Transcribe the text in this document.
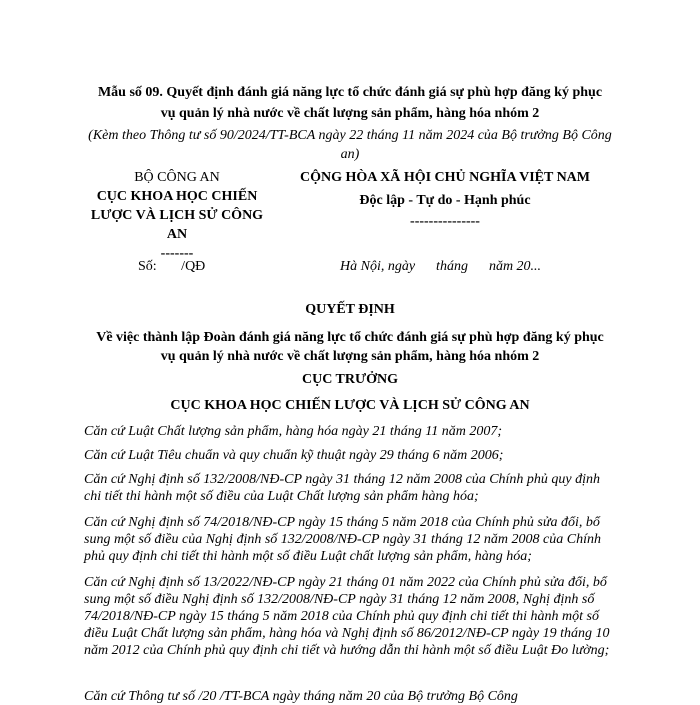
Mẫu số 09. Quyết định đánh giá năng lực tổ chức đánh giá sự phù hợp đăng ký phục vụ quản lý nhà nước về chất lượng sản phẩm, hàng hóa nhóm 2
(Kèm theo Thông tư số 90/2024/TT-BCA ngày 22 tháng 11 năm 2024 của Bộ trưởng Bộ Công an)
BỘ CÔNG AN
CỤC KHOA HỌC CHIẾN LƯỢC VÀ LỊCH SỬ CÔNG AN
-------
CỘNG HÒA XÃ HỘI CHỦ NGHĨA VIỆT NAM
Độc lập - Tự do - Hạnh phúc
---------------
Số:       /QĐ	Hà Nội, ngày      tháng      năm 20...
QUYẾT ĐỊNH
Về việc thành lập Đoàn đánh giá năng lực tổ chức đánh giá sự phù hợp đăng ký phục vụ quản lý nhà nước về chất lượng sản phẩm, hàng hóa nhóm 2
CỤC TRƯỞNG
CỤC KHOA HỌC CHIẾN LƯỢC VÀ LỊCH SỬ CÔNG AN
Căn cứ Luật Chất lượng sản phẩm, hàng hóa ngày 21 tháng 11 năm 2007;
Căn cứ Luật Tiêu chuẩn và quy chuẩn kỹ thuật ngày 29 tháng 6 năm 2006;
Căn cứ Nghị định số 132/2008/NĐ-CP ngày 31 tháng 12 năm 2008 của Chính phủ quy định chi tiết thi hành một số điều của Luật Chất lượng sản phẩm hàng hóa;
Căn cứ Nghị định số 74/2018/NĐ-CP ngày 15 tháng 5 năm 2018 của Chính phủ sửa đổi, bổ sung một số điều của Nghị định số 132/2008/NĐ-CP ngày 31 tháng 12 năm 2008 của Chính phủ quy định chi tiết thi hành một số điều Luật chất lượng sản phẩm, hàng hóa;
Căn cứ Nghị định số 13/2022/NĐ-CP ngày 21 tháng 01 năm 2022 của Chính phủ sửa đổi, bổ sung một số điều Nghị định số 132/2008/NĐ-CP ngày 31 tháng 12 năm 2008, Nghị định số 74/2018/NĐ-CP ngày 15 tháng 5 năm 2018 của Chính phủ quy định chi tiết thi hành một số điều Luật Chất lượng sản phẩm, hàng hóa và Nghị định số 86/2012/NĐ-CP ngày 19 tháng 10 năm 2012 của Chính phủ quy định chi tiết và hướng dẫn thi hành một số điều Luật Đo lường;
Căn cứ Thông tư số /20 /TT-BCA ngày tháng năm 20 của Bộ trưởng Bộ Công
